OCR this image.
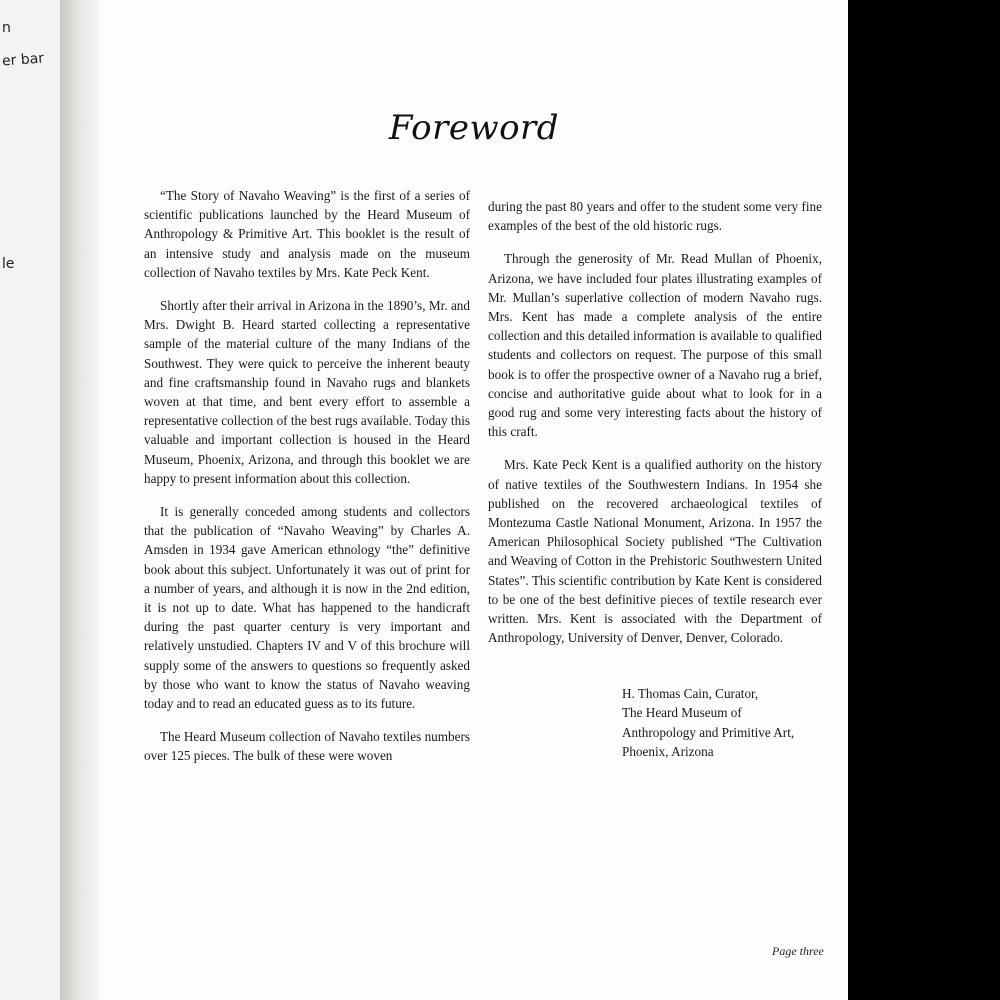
n
er bar
le
Foreword

“The Story of Navaho Weaving” is the first of a series of scientific publications launched by the Heard Museum of Anthropology & Primitive Art. This booklet is the result of an intensive study and analysis made on the museum collection of Navaho textiles by Mrs. Kate Peck Kent.

Shortly after their arrival in Arizona in the 1890’s, Mr. and Mrs. Dwight B. Heard started collecting a representative sample of the material culture of the many Indians of the Southwest. They were quick to perceive the inherent beauty and fine craftsmanship found in Navaho rugs and blankets woven at that time, and bent every effort to assemble a representative collection of the best rugs available. Today this valuable and important collection is housed in the Heard Museum, Phoenix, Arizona, and through this booklet we are happy to present information about this collection.

It is generally conceded among students and collectors that the publication of “Navaho Weaving” by Charles A. Amsden in 1934 gave American ethnology “the” definitive book about this subject. Unfortunately it was out of print for a number of years, and although it is now in the 2nd edition, it is not up to date. What has happened to the handicraft during the past quarter century is very important and relatively unstudied. Chapters IV and V of this brochure will supply some of the answers to questions so frequently asked by those who want to know the status of Navaho weaving today and to read an educated guess as to its future.

The Heard Museum collection of Navaho textiles numbers over 125 pieces. The bulk of these were woven

during the past 80 years and offer to the student some very fine examples of the best of the old historic rugs.

Through the generosity of Mr. Read Mullan of Phoenix, Arizona, we have included four plates illustrating examples of Mr. Mullan’s superlative collection of modern Navaho rugs. Mrs. Kent has made a complete analysis of the entire collection and this detailed information is available to qualified students and collectors on request. The purpose of this small book is to offer the prospective owner of a Navaho rug a brief, concise and authoritative guide about what to look for in a good rug and some very interesting facts about the history of this craft.

Mrs. Kate Peck Kent is a qualified authority on the history of native textiles of the Southwestern Indians. In 1954 she published on the recovered archaeological textiles of Montezuma Castle National Monument, Arizona. In 1957 the American Philosophical Society published “The Cultivation and Weaving of Cotton in the Prehistoric Southwestern United States”. This scientific contribution by Kate Kent is considered to be one of the best definitive pieces of textile research ever written. Mrs. Kent is associated with the Department of Anthropology, University of Denver, Denver, Colorado.

H. Thomas Cain, Curator,
The Heard Museum of
Anthropology and Primitive Art,
Phoenix, Arizona
Page three
